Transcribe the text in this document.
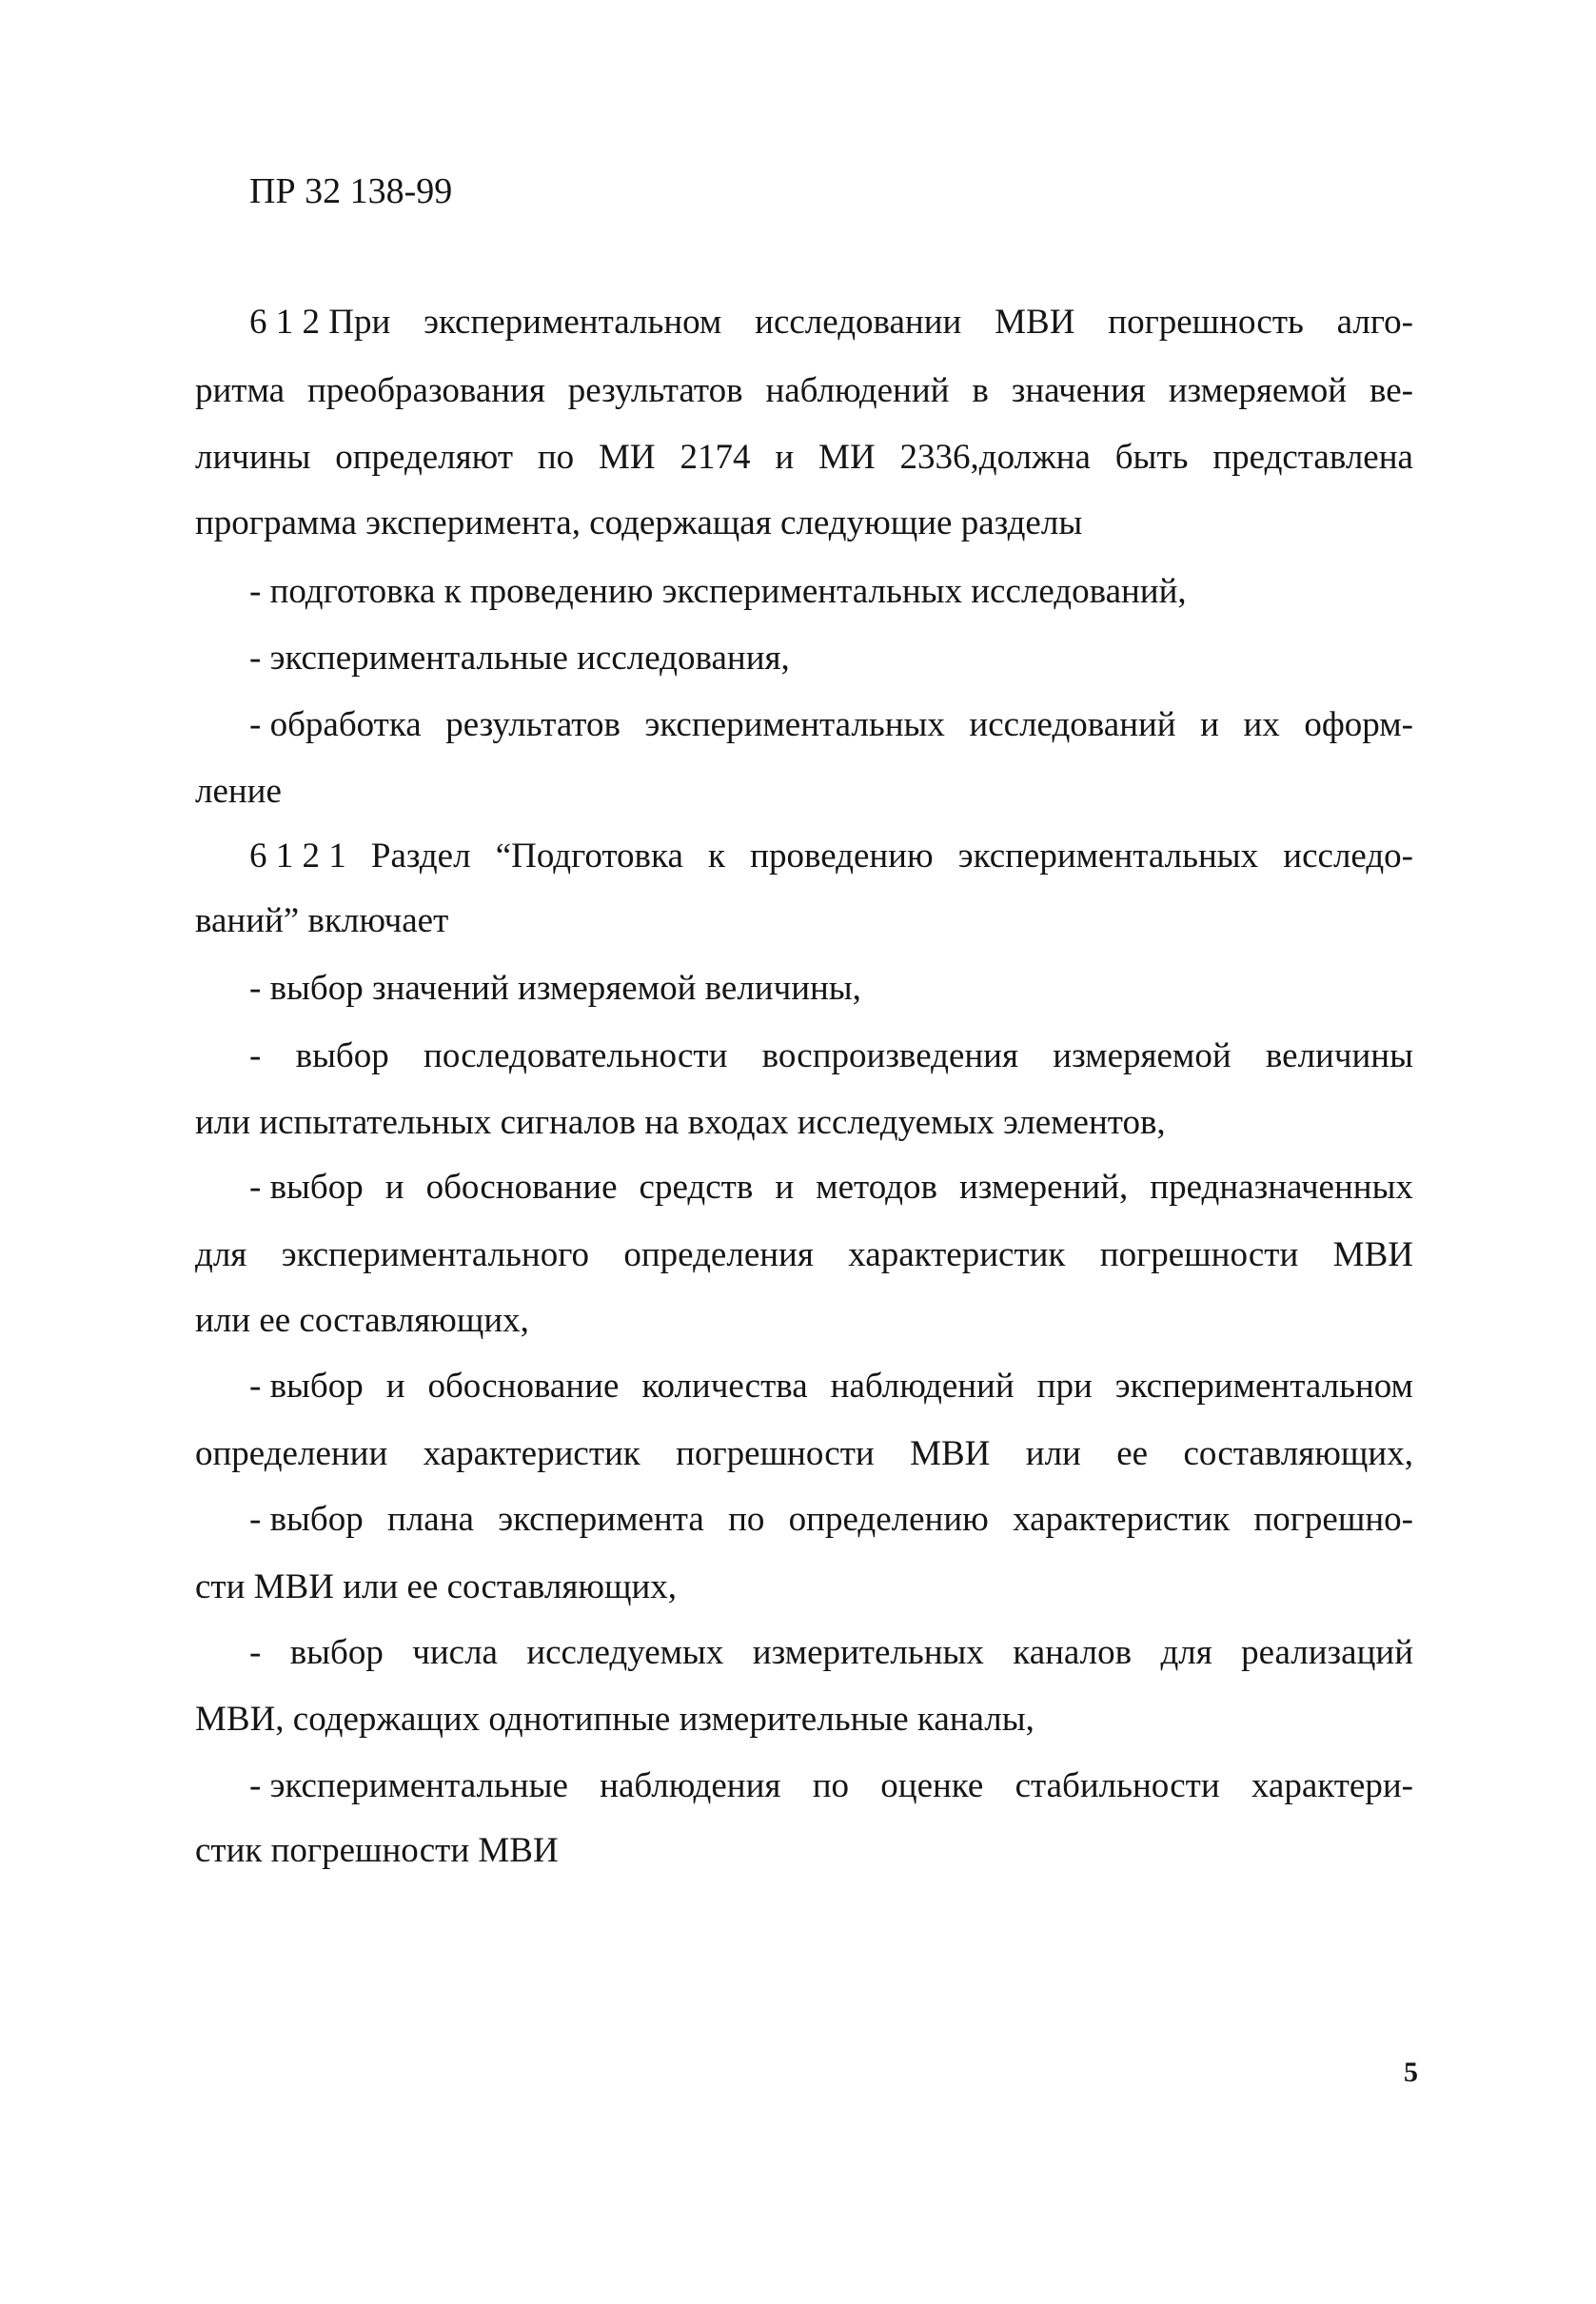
ПР 32 138-99
6 1 2 При экспериментальном исследовании МВИ погрешность алго-
ритма преобразования результатов наблюдений в значения измеряемой ве-
личины определяют по МИ 2174 и МИ 2336,должна быть представлена
программа эксперимента, содержащая следующие разделы
- подготовка к проведению экспериментальных исследований,
- экспериментальные исследования,
- обработка результатов экспериментальных исследований и их оформ-
ление
6 1 2 1 Раздел “Подготовка к проведению экспериментальных исследо-
ваний” включает
- выбор значений измеряемой величины,
- выбор последовательности воспроизведения измеряемой величины
или испытательных сигналов на входах исследуемых элементов,
- выбор и обоснование средств и методов измерений, предназначенных
для экспериментального определения характеристик погрешности МВИ
или ее составляющих,
- выбор и обоснование количества наблюдений при экспериментальном
определении характеристик погрешности МВИ или ее составляющих,
- выбор плана эксперимента по определению характеристик погрешно-
сти МВИ или ее составляющих,
- выбор числа исследуемых измерительных каналов для реализаций
МВИ, содержащих однотипные измерительные каналы,
- экспериментальные наблюдения по оценке стабильности характери-
стик погрешности МВИ
5
